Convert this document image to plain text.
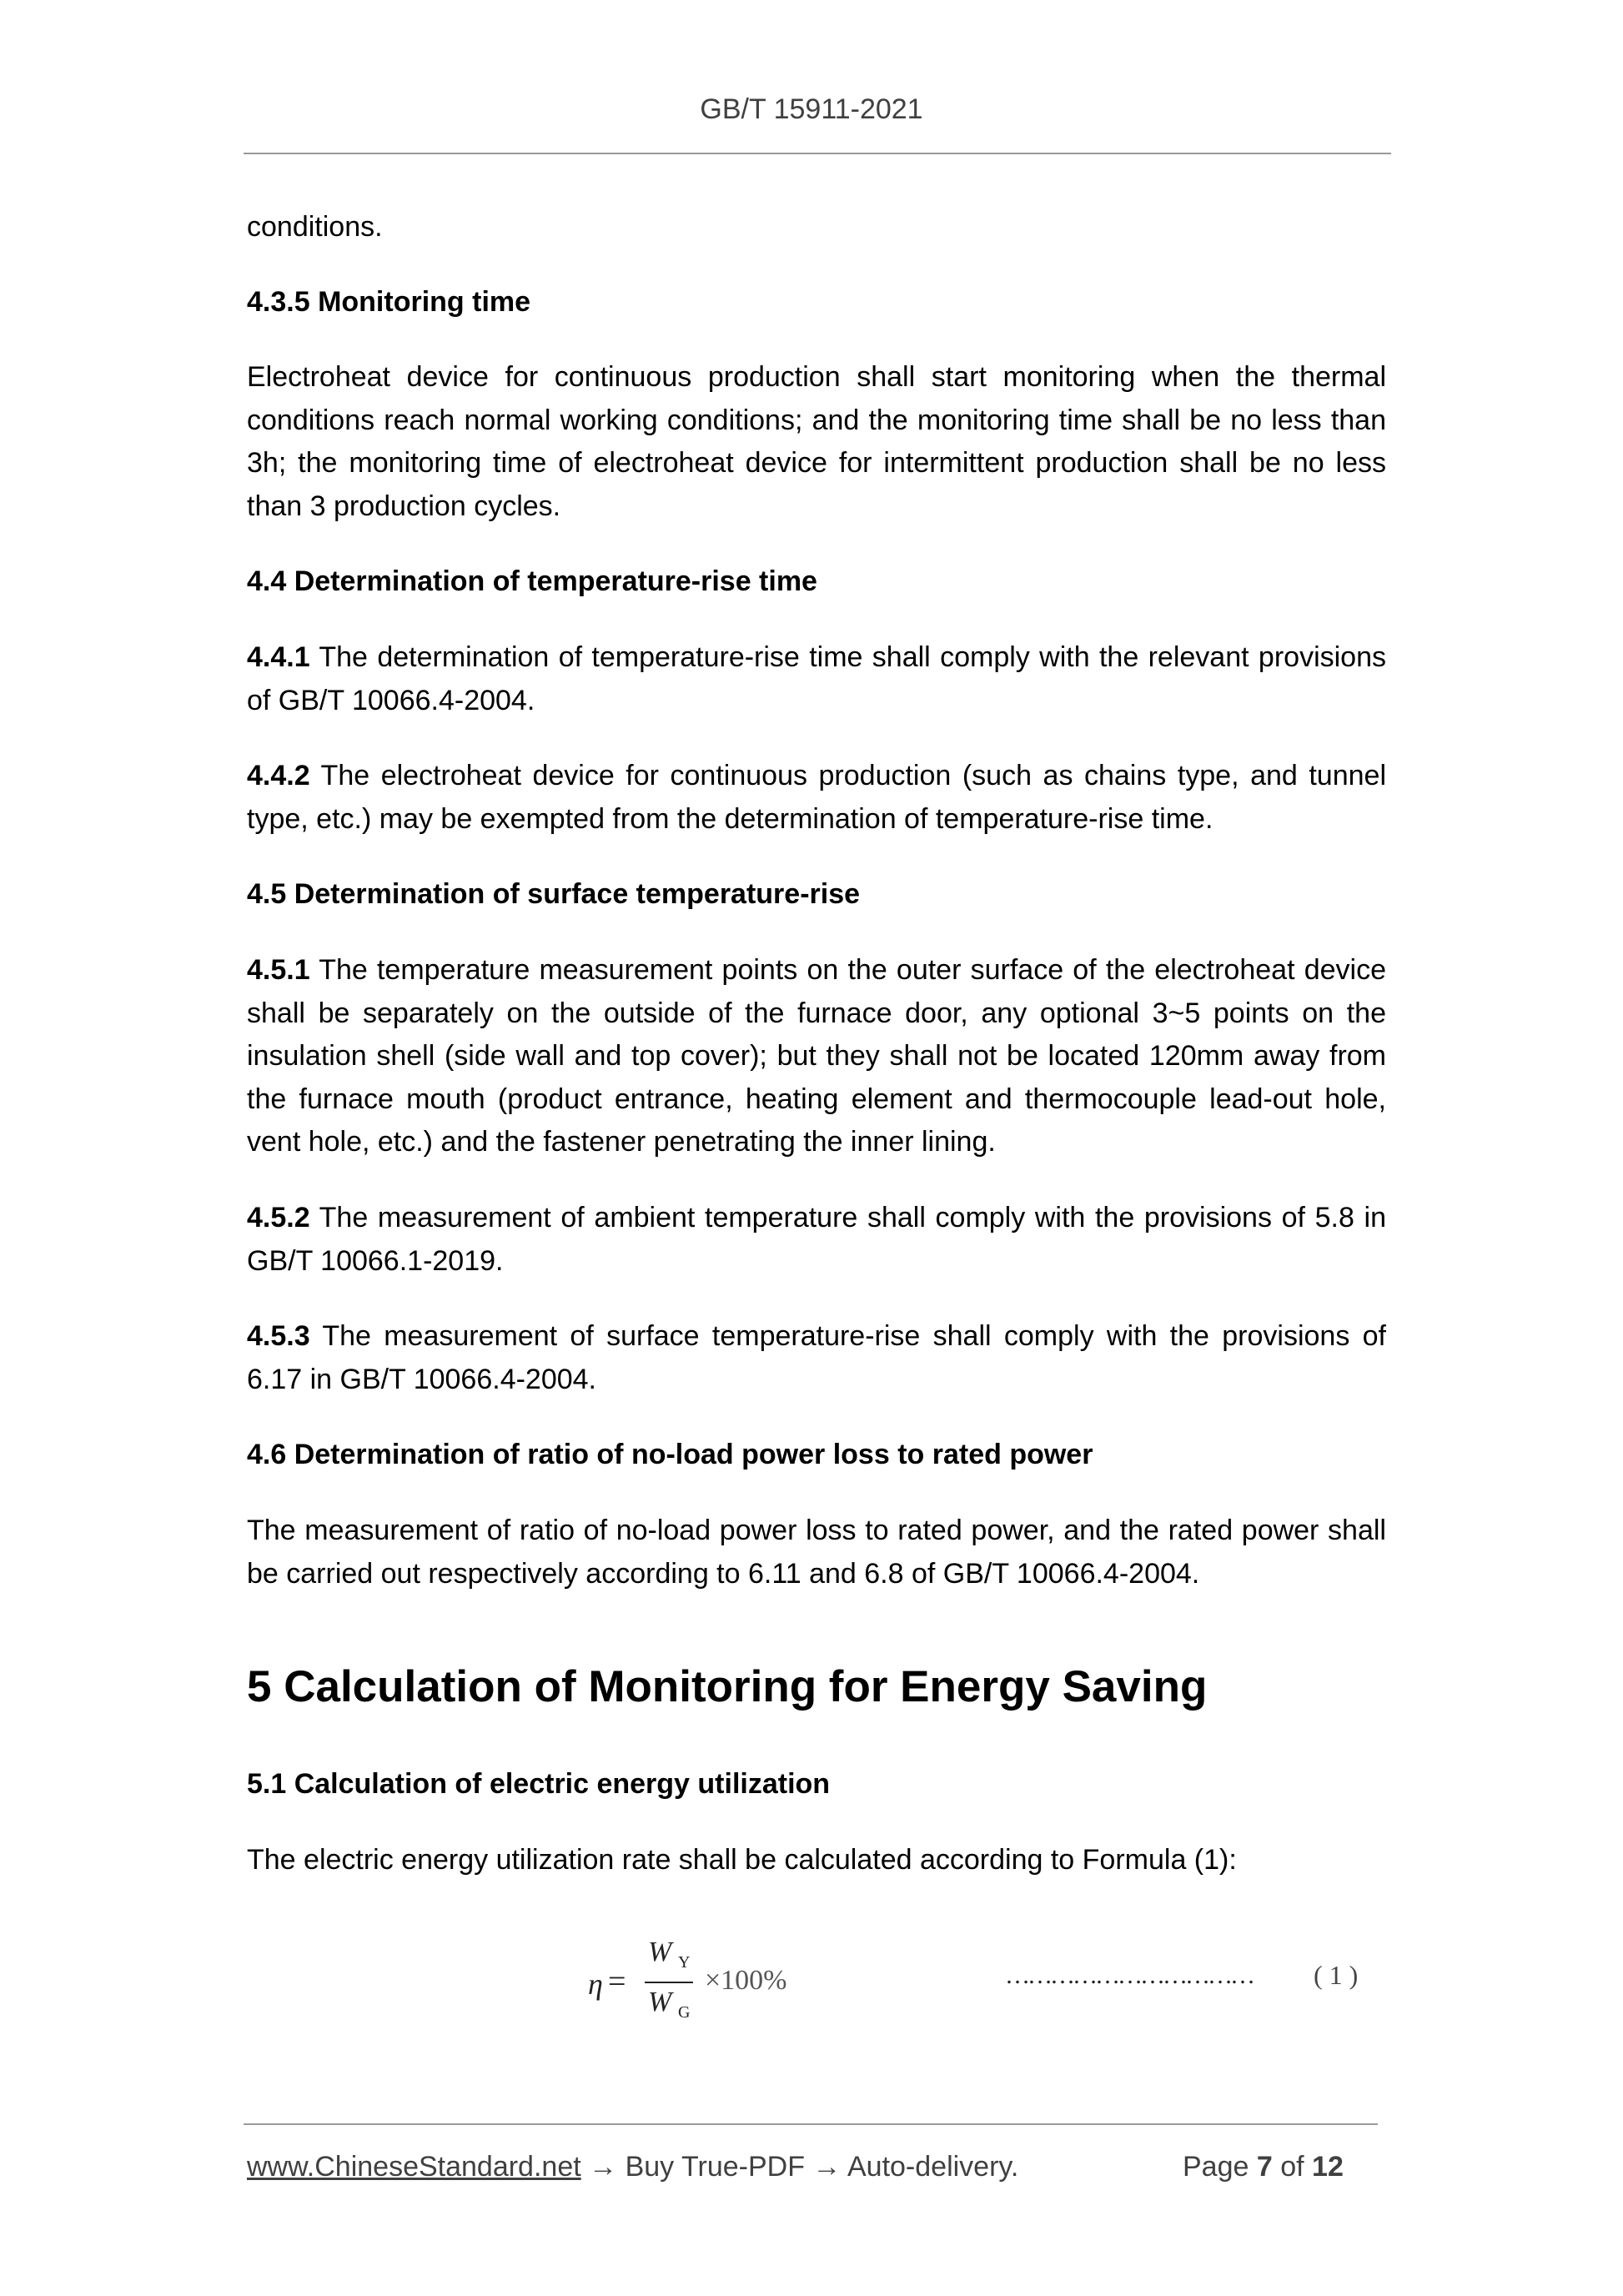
GB/T 15911-2021
conditions.
4.3.5 Monitoring time
Electroheat device for continuous production shall start monitoring when the thermal conditions reach normal working conditions; and the monitoring time shall be no less than 3h; the monitoring time of electroheat device for intermittent production shall be no less than 3 production cycles.
4.4 Determination of temperature-rise time
4.4.1 The determination of temperature-rise time shall comply with the relevant provisions of GB/T 10066.4-2004.
4.4.2 The electroheat device for continuous production (such as chains type, and tunnel type, etc.) may be exempted from the determination of temperature-rise time.
4.5 Determination of surface temperature-rise
4.5.1 The temperature measurement points on the outer surface of the electroheat device shall be separately on the outside of the furnace door, any optional 3~5 points on the insulation shell (side wall and top cover); but they shall not be located 120mm away from the furnace mouth (product entrance, heating element and thermocouple lead-out hole, vent hole, etc.) and the fastener penetrating the inner lining.
4.5.2 The measurement of ambient temperature shall comply with the provisions of 5.8 in GB/T 10066.1-2019.
4.5.3 The measurement of surface temperature-rise shall comply with the provisions of 6.17 in GB/T 10066.4-2004.
4.6 Determination of ratio of no-load power loss to rated power
The measurement of ratio of no-load power loss to rated power, and the rated power shall be carried out respectively according to 6.11 and 6.8 of GB/T 10066.4-2004.
5 Calculation of Monitoring for Energy Saving
5.1 Calculation of electric energy utilization
The electric energy utilization rate shall be calculated according to Formula (1):
η =
W Y
W G
×100%	…………………………… ( 1 )
www.ChineseStandard.net → Buy True-PDF → Auto-delivery.	Page 7 of 12
